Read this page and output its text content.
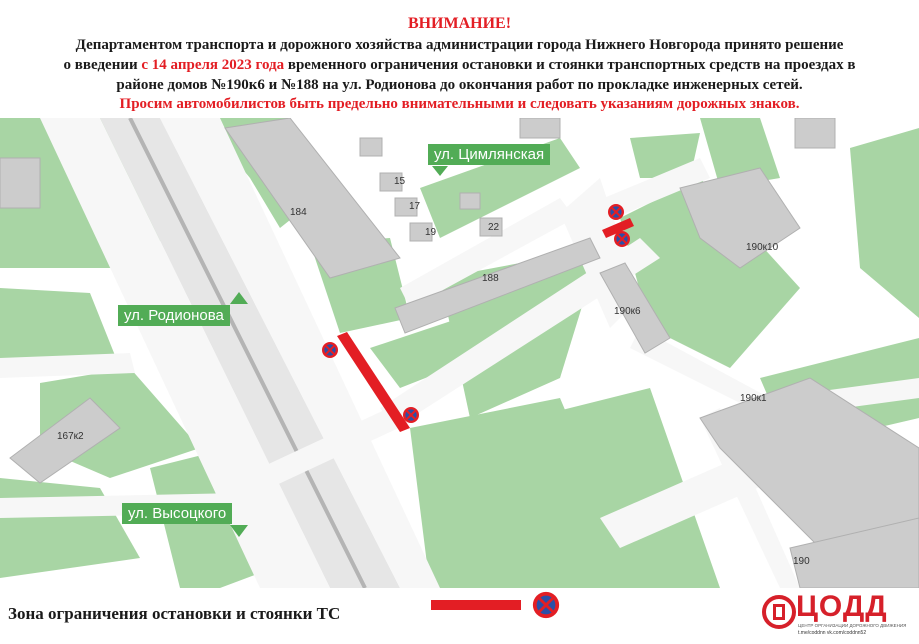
ВНИМАНИЕ!
Департаментом транспорта и дорожного хозяйства администрации города Нижнего Новгорода принято решение
о введении с 14 апреля 2023 года временного ограничения остановки и стоянки транспортных средств на проездах в
районе домов №190к6 и №188 на ул. Родионова до окончания работ по прокладке инженерных сетей.
Просим автомобилистов быть предельно внимательными и следовать указаниям дорожных знаков.
184
188
190к6
190к10
190к1
190
167к2
15
17
19	22
ул. Цимлянская
ул. Родионова
ул. Высоцкого
Зона ограничения остановки и стоянки ТС	ЦОДД
ЦЕНТР ОРГАНИЗАЦИИ ДОРОЖНОГО ДВИЖЕНИЯ
t.me/coddnn vk.com/coddnn52
